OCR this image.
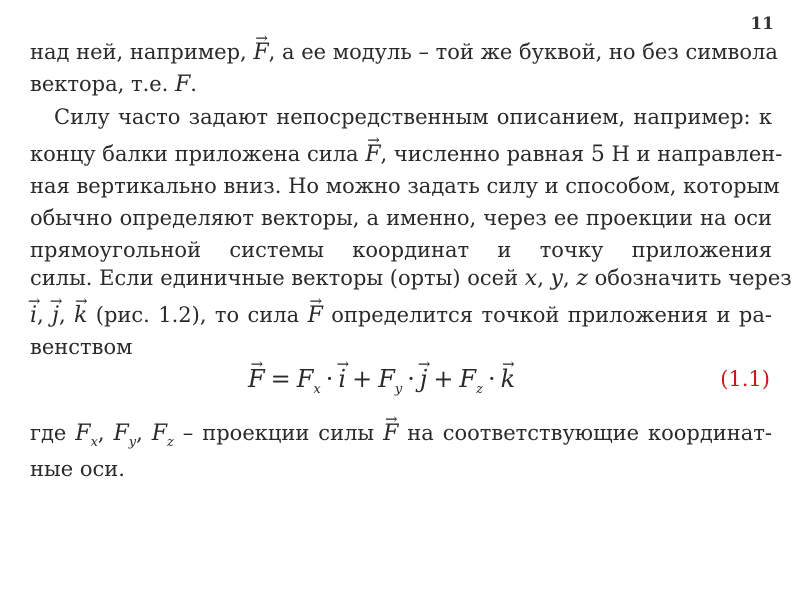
11
над ней, например, → F, а ее модуль – той же буквой, но без символа
вектора, т.е. F.
Силу часто задают непосредственным описанием, например: к
концу балки приложена сила → F, численно равная 5 Н и направлен-
ная вертикально вниз. Но можно задать силу и способом, которым
обычно определяют векторы, а именно, через ее проекции на оси
прямоугольной системы координат и точку приложения
силы. Если единичные векторы (орты) осей x, y, z обозначить через
→ i, → j, → k (рис. 1.2), то сила → F определится точкой приложения и ра-
венством
→ $F = F_x \cdot\to i + F_y \cdot\to j + F_z \cdot\to k$	(1.1)
где $F_x$, $F_y$, $F_z$ – проекции силы → F на соответствующие координат-
ные оси.
